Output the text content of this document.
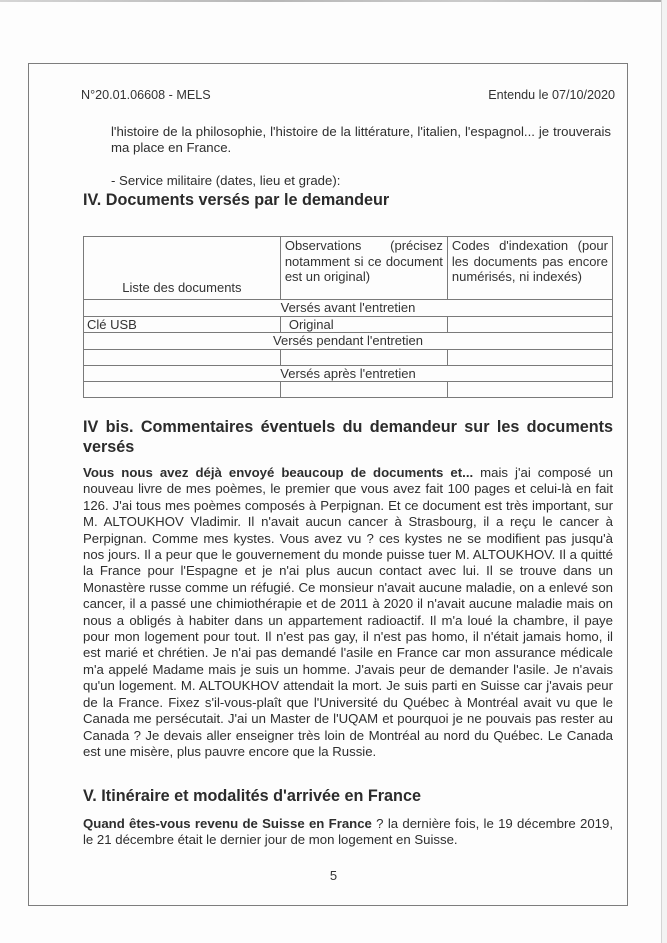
N°20.01.06608 - MELS	Entendu le 07/10/2020
l'histoire de la philosophie, l'histoire de la littérature, l'italien, l'espagnol... je trouverais ma place en France.
- Service militaire (dates, lieu et grade):
IV. Documents versés par le demandeur
Liste des documents	Observations (précisez notamment si ce document est un original)	Codes d'indexation (pour les documents pas encore numérisés, ni indexés)
Versés avant l'entretien		
Clé USB	Original	
Versés pendant l'entretien		

Versés après l'entretien		

IV bis. Commentaires éventuels du demandeur sur les documents versés
Vous nous avez déjà envoyé beaucoup de documents et... mais j'ai composé un nouveau livre de mes poèmes, le premier que vous avez fait 100 pages et celui-là en fait 126. J'ai tous mes poèmes composés à Perpignan. Et ce document est très important, sur M. ALTOUKHOV Vladimir. Il n'avait aucun cancer à Strasbourg, il a reçu le cancer à Perpignan. Comme mes kystes. Vous avez vu ? ces kystes ne se modifient pas jusqu'à nos jours. Il a peur que le gouvernement du monde puisse tuer M. ALTOUKHOV. Il a quitté la France pour l'Espagne et je n'ai plus aucun contact avec lui. Il se trouve dans un Monastère russe comme un réfugié. Ce monsieur n'avait aucune maladie, on a enlevé son cancer, il a passé une chimiothérapie et de 2011 à 2020 il n'avait aucune maladie mais on nous a obligés à habiter dans un appartement radioactif. Il m'a loué la chambre, il paye pour mon logement pour tout. Il n'est pas gay, il n'est pas homo, il n'était jamais homo, il est marié et chrétien. Je n'ai pas demandé l'asile en France car mon assurance médicale m'a appelé Madame mais je suis un homme. J'avais peur de demander l'asile. Je n'avais qu'un logement. M. ALTOUKHOV attendait la mort. Je suis parti en Suisse car j'avais peur de la France. Fixez s'il-vous-plaît que l'Université du Québec à Montréal avait vu que le Canada me persécutait. J'ai un Master de l'UQAM et pourquoi je ne pouvais pas rester au Canada ? Je devais aller enseigner très loin de Montréal au nord du Québec. Le Canada est une misère, plus pauvre encore que la Russie.
V. Itinéraire et modalités d'arrivée en France
Quand êtes-vous revenu de Suisse en France ? la dernière fois, le 19 décembre 2019, le 21 décembre était le dernier jour de mon logement en Suisse.
5
